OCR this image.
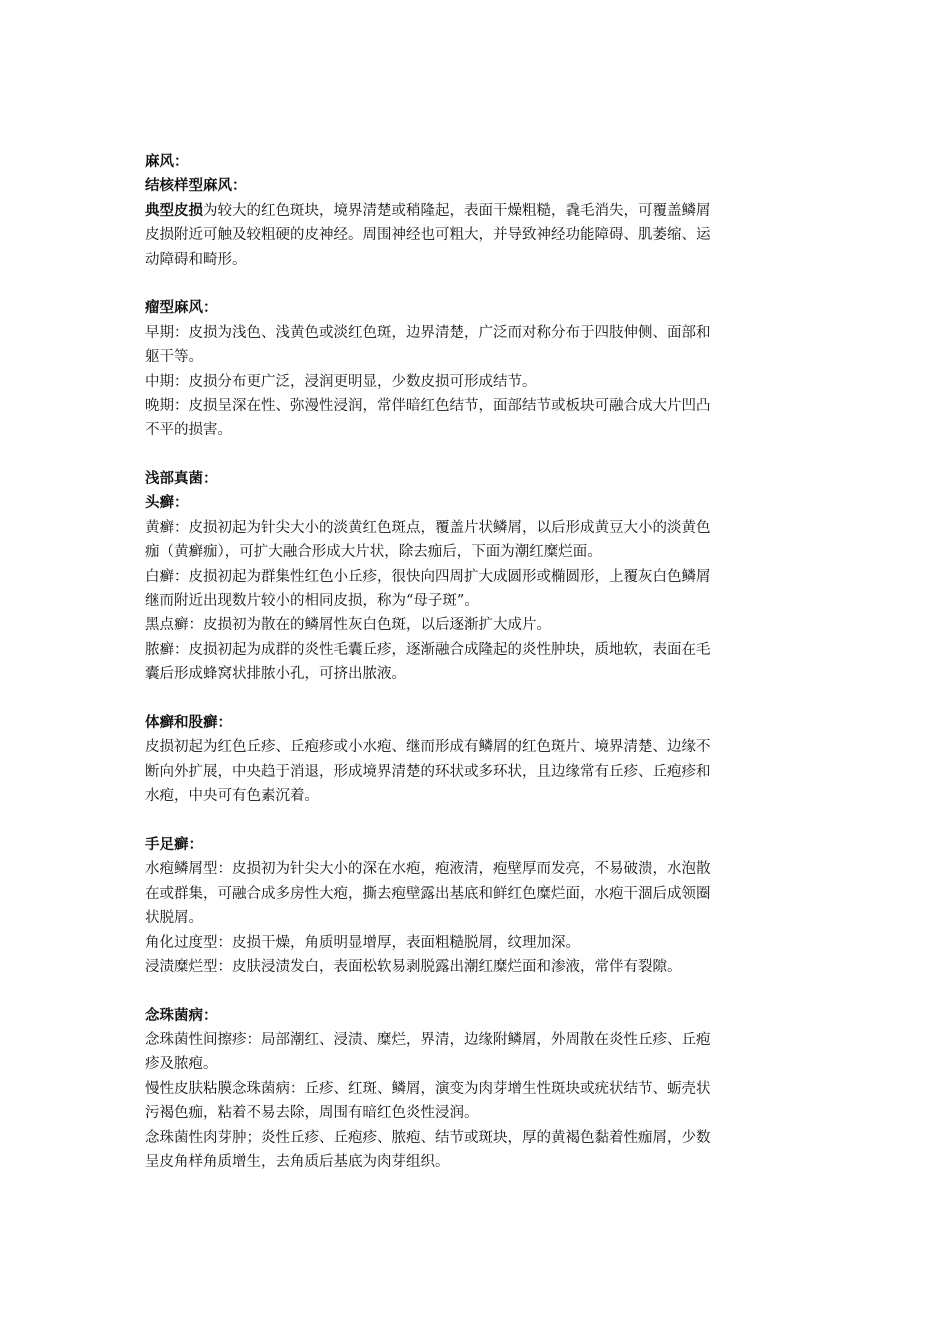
麻风：
结核样型麻风：
典型皮损为较大的红色斑块，境界清楚或稍隆起，表面干燥粗糙，毳毛消失，可覆盖鳞屑
皮损附近可触及较粗硬的皮神经。周围神经也可粗大，并导致神经功能障碍、肌萎缩、运
动障碍和畸形。
瘤型麻风：
早期：皮损为浅色、浅黄色或淡红色斑，边界清楚，广泛而对称分布于四肢伸侧、面部和
躯干等。
中期：皮损分布更广泛，浸润更明显，少数皮损可形成结节。
晚期：皮损呈深在性、弥漫性浸润，常伴暗红色结节，面部结节或板块可融合成大片凹凸
不平的损害。
浅部真菌：
头癣：
黄癣：皮损初起为针尖大小的淡黄红色斑点，覆盖片状鳞屑，以后形成黄豆大小的淡黄色
痂（黄癣痂），可扩大融合形成大片状，除去痂后，下面为潮红糜烂面。
白癣：皮损初起为群集性红色小丘疹，很快向四周扩大成圆形或椭圆形，上覆灰白色鳞屑
继而附近出现数片较小的相同皮损，称为“母子斑”。
黑点癣：皮损初为散在的鳞屑性灰白色斑，以后逐渐扩大成片。
脓癣：皮损初起为成群的炎性毛囊丘疹，逐渐融合成隆起的炎性肿块，质地软，表面在毛
囊后形成蜂窝状排脓小孔，可挤出脓液。
体癣和股癣：
皮损初起为红色丘疹、丘疱疹或小水疱、继而形成有鳞屑的红色斑片、境界清楚、边缘不
断向外扩展，中央趋于消退，形成境界清楚的环状或多环状，且边缘常有丘疹、丘疱疹和
水疱，中央可有色素沉着。
手足癣：
水疱鳞屑型：皮损初为针尖大小的深在水疱，疱液清，疱壁厚而发亮，不易破溃，水泡散
在或群集，可融合成多房性大疱，撕去疱壁露出基底和鲜红色糜烂面，水疱干涸后成领圈
状脱屑。
角化过度型：皮损干燥，角质明显增厚，表面粗糙脱屑，纹理加深。
浸渍糜烂型：皮肤浸渍发白，表面松软易剥脱露出潮红糜烂面和渗液，常伴有裂隙。
念珠菌病：
念珠菌性间擦疹：局部潮红、浸渍、糜烂，界清，边缘附鳞屑，外周散在炎性丘疹、丘疱
疹及脓疱。
慢性皮肤粘膜念珠菌病：丘疹、红斑、鳞屑，演变为肉芽增生性斑块或疣状结节、蛎壳状
污褐色痂，粘着不易去除，周围有暗红色炎性浸润。
念珠菌性肉芽肿；炎性丘疹、丘疱疹、脓疱、结节或斑块，厚的黄褐色黏着性痂屑，少数
呈皮角样角质增生，去角质后基底为肉芽组织。
